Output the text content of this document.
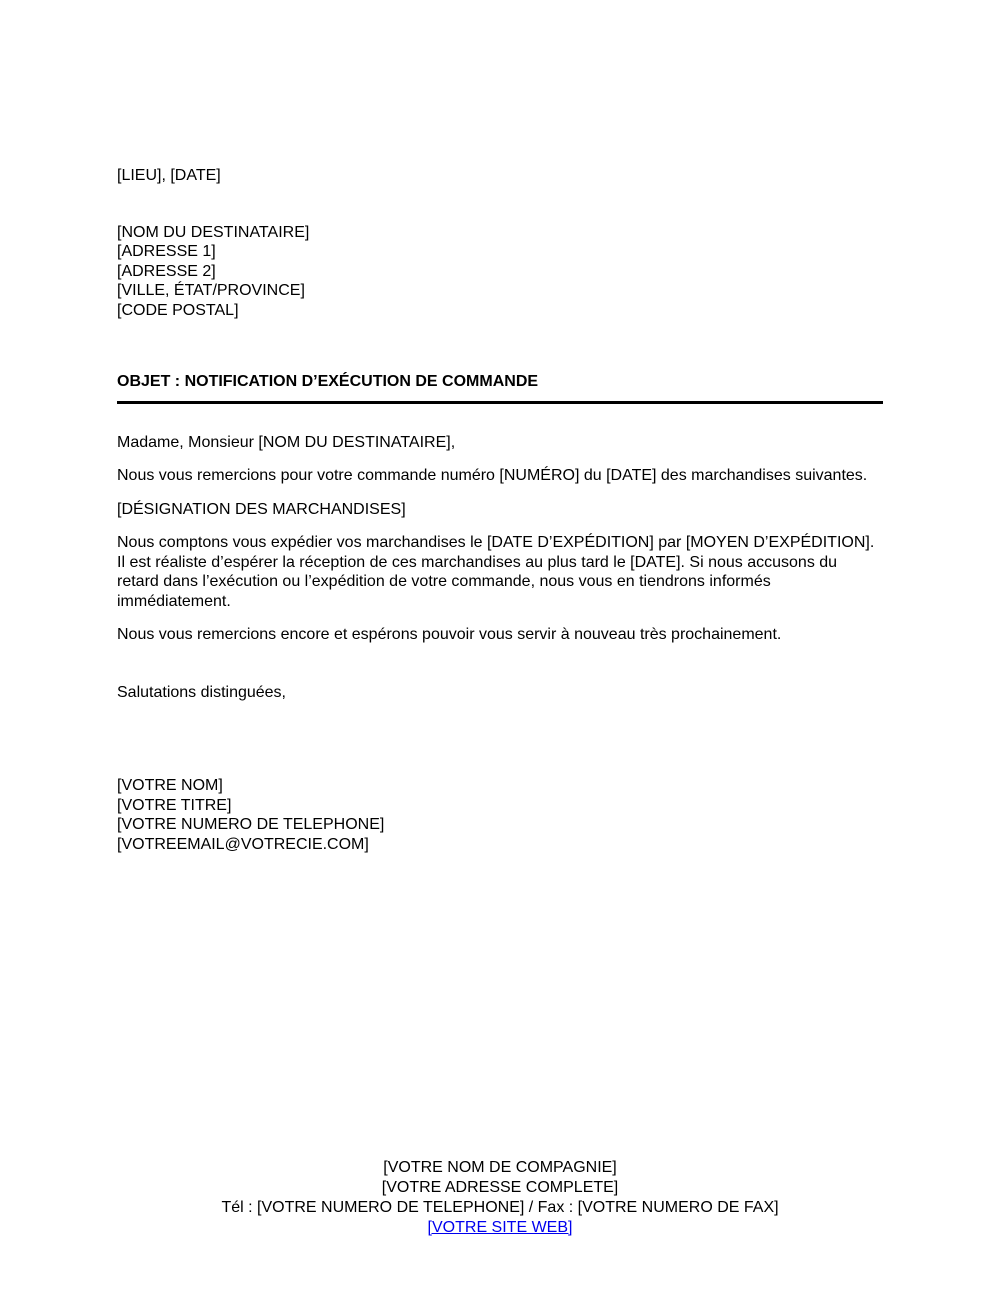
[LIEU], [DATE]
[NOM DU DESTINATAIRE]
[ADRESSE 1]
[ADRESSE 2]
[VILLE, ÉTAT/PROVINCE]
[CODE POSTAL]
OBJET : NOTIFICATION D’EXÉCUTION DE COMMANDE

Madame, Monsieur [NOM DU DESTINATAIRE],

Nous vous remercions pour votre commande numéro [NUMÉRO] du [DATE] des marchandises suivantes.

[DÉSIGNATION DES MARCHANDISES]

Nous comptons vous expédier vos marchandises le [DATE D’EXPÉDITION] par [MOYEN D’EXPÉDITION]. Il est réaliste d’espérer la réception de ces marchandises au plus tard le [DATE]. Si nous accusons du retard dans l’exécution ou l’expédition de votre commande, nous vous en tiendrons informés immédiatement.

Nous vous remercions encore et espérons pouvoir vous servir à nouveau très prochainement.

Salutations distinguées,

[VOTRE NOM]
[VOTRE TITRE]
[VOTRE NUMERO DE TELEPHONE]
[VOTREEMAIL@VOTRECIE.COM]
[VOTRE NOM DE COMPAGNIE]
[VOTRE ADRESSE COMPLETE]
Tél : [VOTRE NUMERO DE TELEPHONE] / Fax : [VOTRE NUMERO DE FAX]
[VOTRE SITE WEB]
